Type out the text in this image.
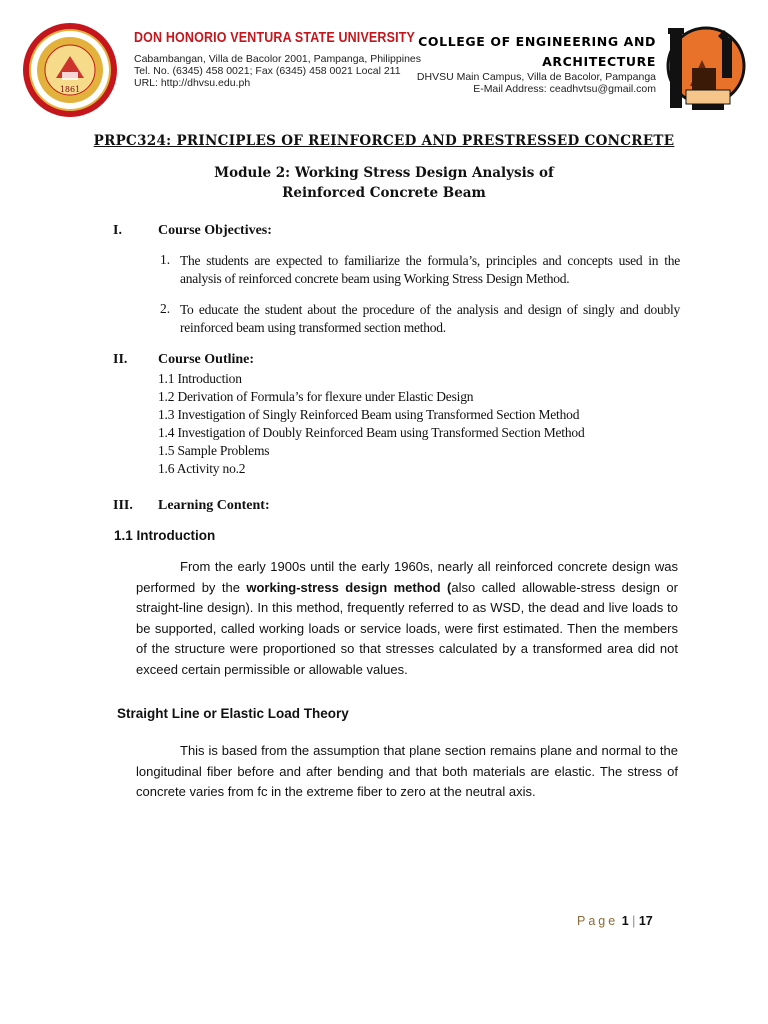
1861
DON HONORIO VENTURA STATE UNIVERSITY
Cabambangan, Villa de Bacolor 2001, Pampanga, Philippines
Tel. No. (6345) 458 0021; Fax (6345) 458 0021 Local 211
URL: http://dhvsu.edu.ph
COLLEGE OF ENGINEERING AND
ARCHITECTURE
DHVSU Main Campus, Villa de Bacolor, Pampanga
E-Mail Address: ceadhvtsu@gmail.com
PRPC324: PRINCIPLES OF REINFORCED AND PRESTRESSED CONCRETE
Module 2: Working Stress Design Analysis of
Reinforced Concrete Beam
I.	Course Objectives:
1. The students are expected to familiarize the formula’s, principles and concepts used in the analysis of reinforced concrete beam using Working Stress Design Method.
2. To educate the student about the procedure of the analysis and design of singly and doubly reinforced beam using transformed section method.
II. Course Outline:
1.1 Introduction
1.2 Derivation of Formula’s for flexure under Elastic Design
1.3 Investigation of Singly Reinforced Beam using Transformed Section Method
1.4 Investigation of Doubly Reinforced Beam using Transformed Section Method
1.5 Sample Problems
1.6 Activity no.2
III. Learning Content:
1.1 Introduction
From the early 1900s until the early 1960s, nearly all reinforced concrete design was performed by the working-stress design method (also called allowable-stress design or straight-line design). In this method, frequently referred to as WSD, the dead and live loads to be supported, called working loads or service loads, were first estimated. Then the members of the structure were proportioned so that stresses calculated by a transformed area did not exceed certain permissible or allowable values.
Straight Line or Elastic Load Theory
This is based from the assumption that plane section remains plane and normal to the longitudinal fiber before and after bending and that both materials are elastic. The stress of concrete varies from fc in the extreme fiber to zero at the neutral axis.
Page 1 | 17
